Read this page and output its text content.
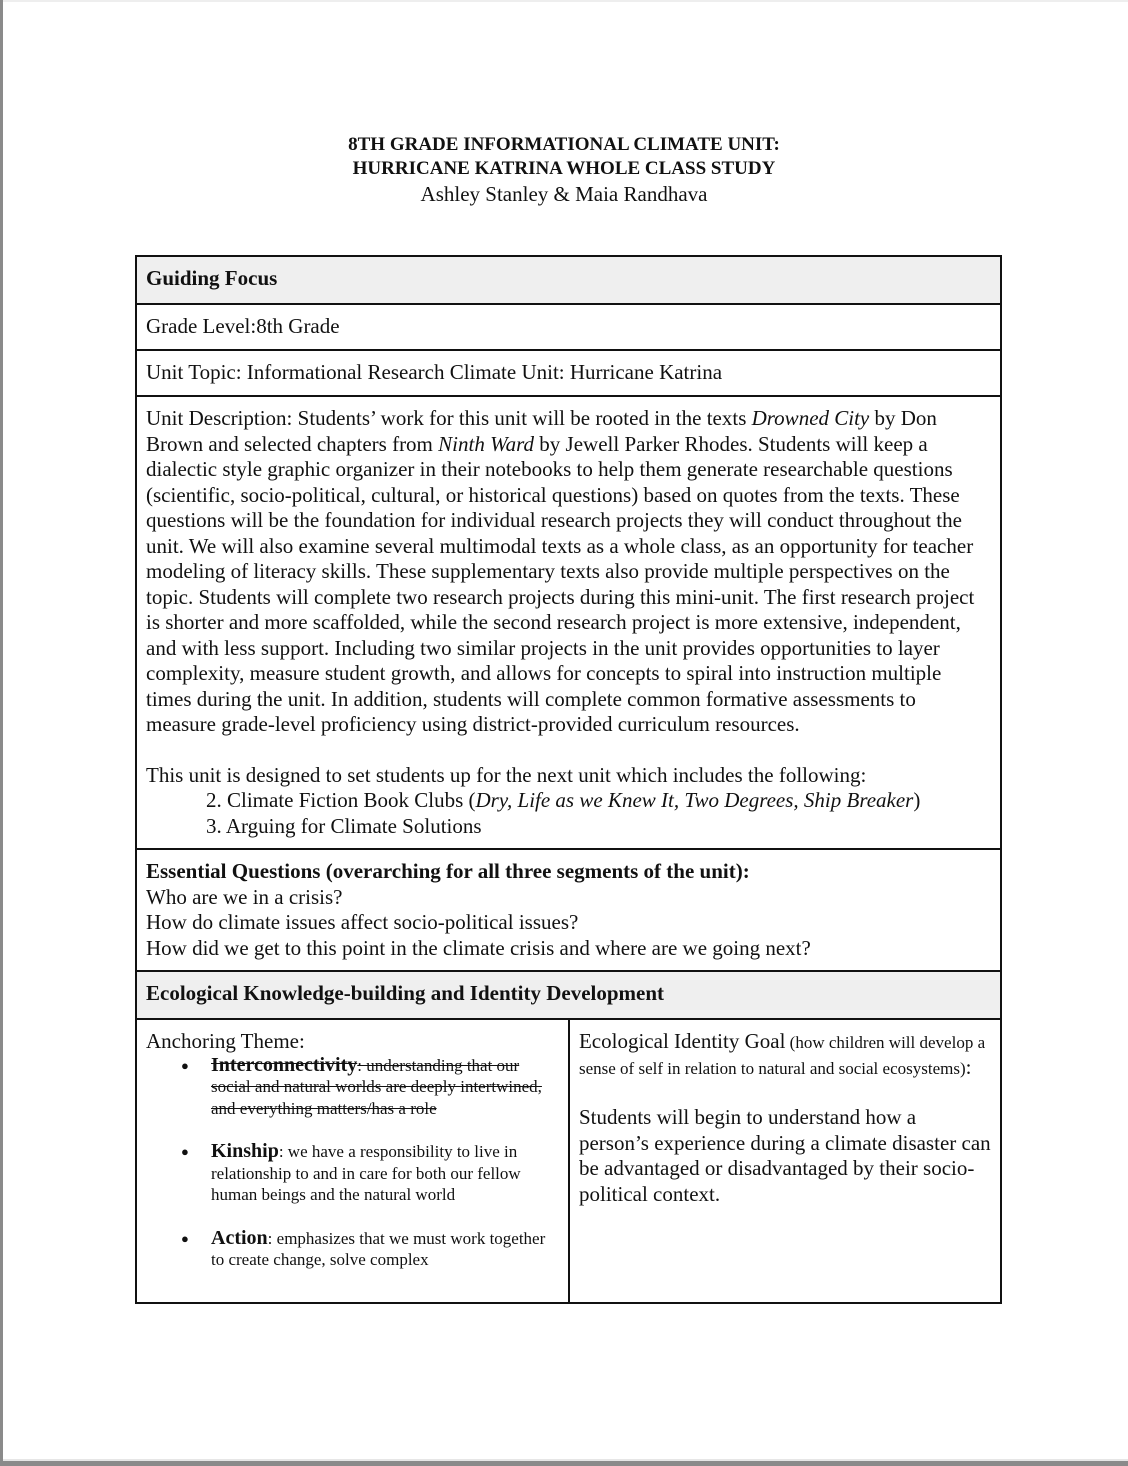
8TH GRADE INFORMATIONAL CLIMATE UNIT:
HURRICANE KATRINA WHOLE CLASS STUDY
Ashley Stanley & Maia Randhava
Guiding Focus
Grade Level:8th Grade
Unit Topic: Informational Research Climate Unit: Hurricane Katrina

Unit Description: Students’ work for this unit will be rooted in the texts Drowned City by Don Brown and selected chapters from Ninth Ward by Jewell Parker Rhodes. Students will keep a dialectic style graphic organizer in their notebooks to help them generate researchable questions (scientific, socio-political, cultural, or historical questions) based on quotes from the texts. These questions will be the foundation for individual research projects they will conduct throughout the unit. We will also examine several multimodal texts as a whole class, as an opportunity for teacher modeling of literacy skills. These supplementary texts also provide multiple perspectives on the topic. Students will complete two research projects during this mini-unit. The first research project is shorter and more scaffolded, while the second research project is more extensive, independent, and with less support. Including two similar projects in the unit provides opportunities to layer complexity, measure student growth, and allows for concepts to spiral into instruction multiple times during the unit. In addition, students will complete common formative assessments to measure grade-level proficiency using district-provided curriculum resources.

This unit is designed to set students up for the next unit which includes the following:

2. Climate Fiction Book Clubs (Dry, Life as we Knew It, Two Degrees, Ship Breaker)
3. Arguing for Climate Solutions

Essential Questions (overarching for all three segments of the unit):
Who are we in a crisis?
How do climate issues affect socio-political issues?
How did we get to this point in the climate crisis and where are we going next?

Ecological Knowledge-building and Identity Development

Anchoring Theme:
● Interconnectivity: understanding that our social and natural worlds are deeply intertwined, and everything matters/has a role
● Kinship: we have a responsibility to live in relationship to and in care for both our fellow human beings and the natural world
● Action: emphasizes that we must work together to create change, solve complex

Ecological Identity Goal (how children will develop a sense of self in relation to natural and social ecosystems):
Students will begin to understand how a person’s experience during a climate disaster can be advantaged or disadvantaged by their socio-political context.
